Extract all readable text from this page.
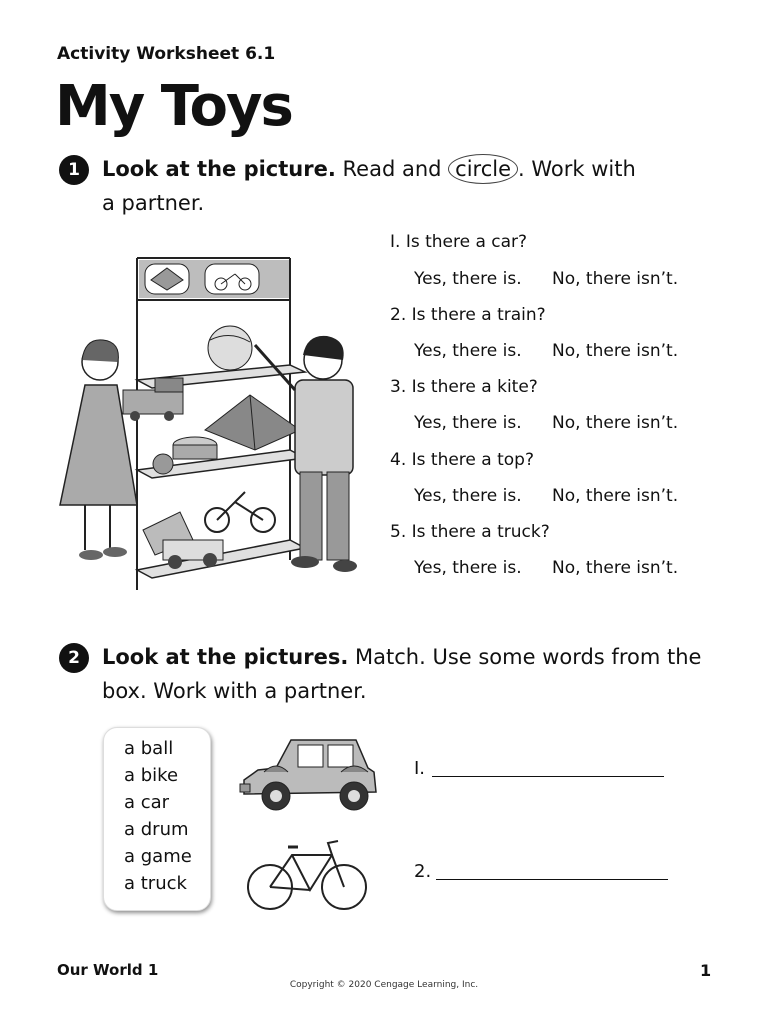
Activity Worksheet 6.1
My Toys
1	Look at the picture. Read and circle . Work with
a partner.
I. Is there a car?
Yes, there is. No, there isn’t.
2. Is there a train?
Yes, there is. No, there isn’t.
3. Is there a kite?
Yes, there is. No, there isn’t.
4. Is there a top?
Yes, there is. No, there isn’t.
5. Is there a truck?
Yes, there is. No, there isn’t.
2	Look at the pictures. Match. Use some words from the
box. Work with a partner.
a ball
a bike
a car
a drum
a game
a truck
I.
2.
Our World 1	1
Copyright © 2020 Cengage Learning, Inc.
